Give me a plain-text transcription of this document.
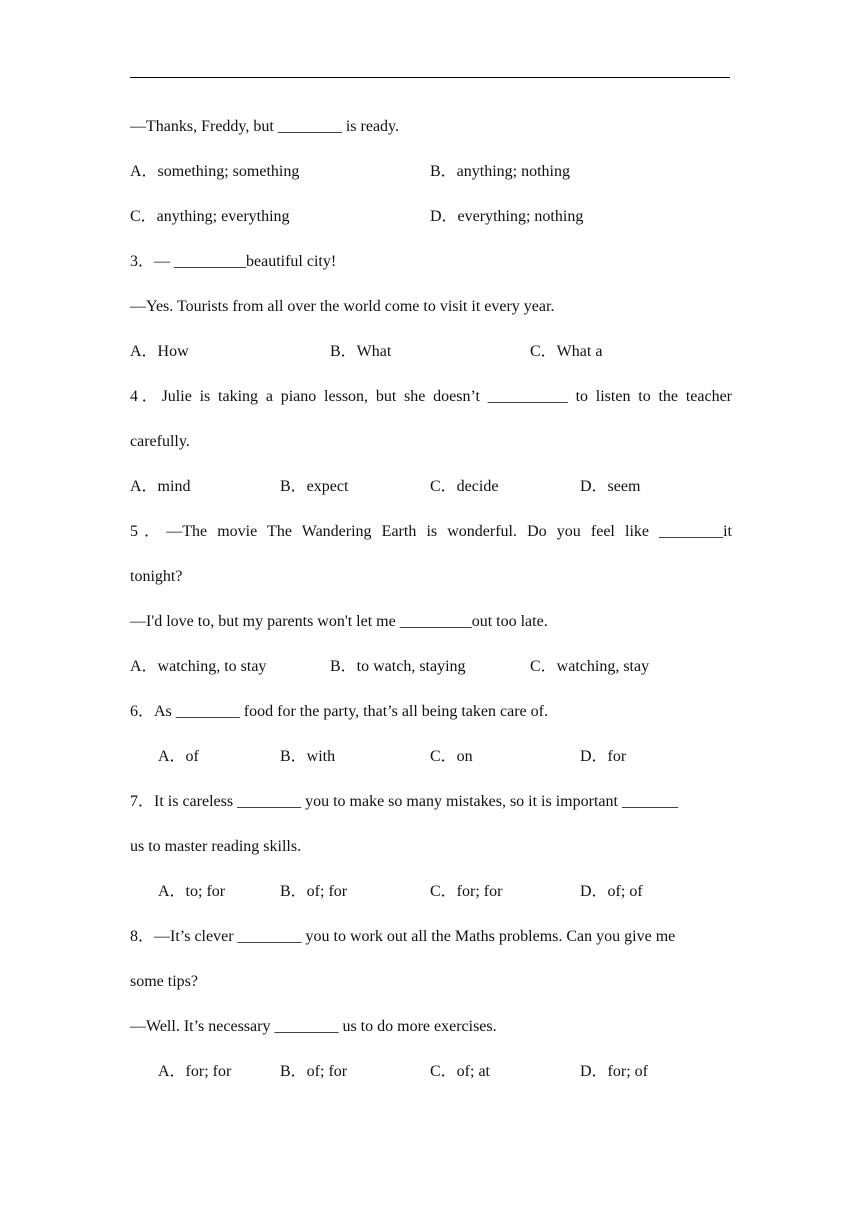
—Thanks, Freddy, but ________ is ready.
A．something; something	B．anything; nothing
C．anything; everything	D．everything; nothing
3．— _________beautiful city!
—Yes. Tourists from all over the world come to visit it every year.
A．How	B．What	C．What a
4．Julie is taking a piano lesson, but she doesn’t __________ to listen to the teacher
carefully.
A．mind	B．expect	C．decide	D．seem
5．—The movie The Wandering Earth is wonderful. Do you feel like ________it
tonight?
—I'd love to, but my parents won't let me _________out too late.
A．watching, to stay	B．to watch, staying	C．watching, stay
6．As ________ food for the party, that’s all being taken care of.
A．of	B．with	C．on	D．for
7．It is careless ________ you to make so many mistakes, so it is important _______
us to master reading skills.
A．to; for	B．of; for	C．for; for	D．of; of
8．—It’s clever ________ you to work out all the Maths problems. Can you give me
some tips?
—Well. It’s necessary ________ us to do more exercises.
A．for; for	B．of; for	C．of; at	D．for; of
